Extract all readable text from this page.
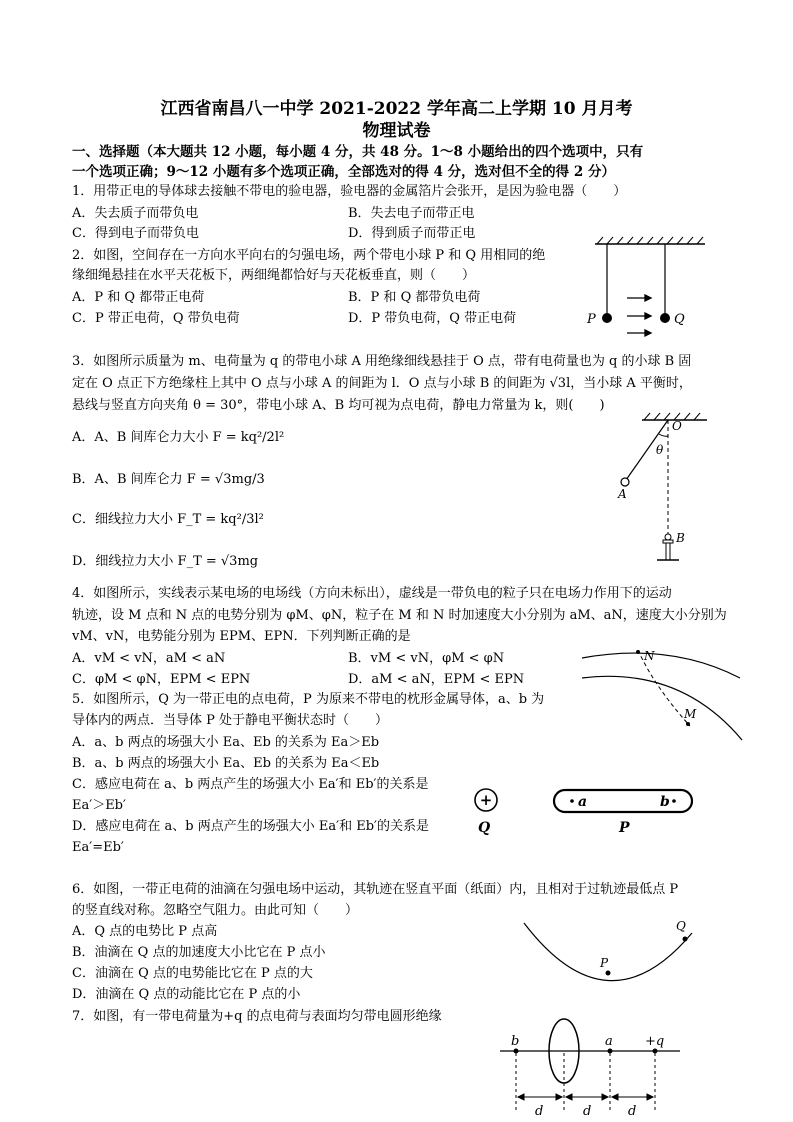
江西省南昌八一中学 2021-2022 学年高二上学期 10 月月考
物理试卷
一、选择题（本大题共 12 小题，每小题 4 分，共 48 分。1～8 小题给出的四个选项中，只有
一个选项正确；9～12 小题有多个选项正确，全部选对的得 4 分，选对但不全的得 2 分）
1．用带正电的导体球去接触不带电的验电器，验电器的金属箔片会张开，是因为验电器（　　）
A．失去质子而带负电	B．失去电子而带正电
C．得到电子而带负电	D．得到质子而带正电
2．如图，空间存在一方向水平向右的匀强电场，两个带电小球 P 和 Q 用相同的绝
缘细绳悬挂在水平天花板下，两细绳都恰好与天花板垂直，则（　　）
A．P 和 Q 都带正电荷	B．P 和 Q 都带负电荷
C．P 带正电荷，Q 带负电荷	D．P 带负电荷，Q 带正电荷	P	Q
3．如图所示质量为 m、电荷量为 q 的带电小球 A 用绝缘细线悬挂于 O 点，带有电荷量也为 q 的小球 B 固
定在 O 点正下方绝缘柱上其中 O 点与小球 A 的间距为 l．O 点与小球 B 的间距为 √3l，当小球 A 平衡时，
悬线与竖直方向夹角 θ = 30°，带电小球 A、B 均可视为点电荷，静电力常量为 k，则(　　)
A．A、B 间库仑力大小 F = kq²/2l²
B．A、B 间库仑力 F = √3mg/3
C．细线拉力大小 F_T = kq²/3l²
D．细线拉力大小 F_T = √3mg
O
θ
A
B
4．如图所示，实线表示某电场的电场线（方向未标出），虚线是一带负电的粒子只在电场力作用下的运动
轨迹，设 M 点和 N 点的电势分别为 φM、φN，粒子在 M 和 N 时加速度大小分别为 aM、aN，速度大小分别为
vM、vN，电势能分别为 EPM、EPN．下列判断正确的是
A．vM < vN，aM < aN	B．vM < vN，φM < φN
C．φM < φN，EPM < EPN	D．aM < aN，EPM < EPN
N
M
5．如图所示，Q 为一带正电的点电荷，P 为原来不带电的枕形金属导体，a、b 为
导体内的两点．当导体 P 处于静电平衡状态时（　　）
A．a、b 两点的场强大小 Ea、Eb 的关系为 Ea＞Eb
B．a、b 两点的场强大小 Ea、Eb 的关系为 Ea＜Eb
C．感应电荷在 a、b 两点产生的场强大小 Ea′和 Eb′的关系是
Ea′＞Eb′
D．感应电荷在 a、b 两点产生的场强大小 Ea′和 Eb′的关系是
Ea′=Eb′
+
Q
a	b
P
6．如图，一带正电荷的油滴在匀强电场中运动，其轨迹在竖直平面（纸面）内，且相对于过轨迹最低点 P
的竖直线对称。忽略空气阻力。由此可知（　　）
A．Q 点的电势比 P 点高
B．油滴在 Q 点的加速度大小比它在 P 点小
C．油滴在 Q 点的电势能比它在 P 点的大
D．油滴在 Q 点的动能比它在 P 点的小
P
Q
7．如图，有一带电荷量为+q 的点电荷与表面均匀带电圆形绝缘
b	a +q
d	d	d
